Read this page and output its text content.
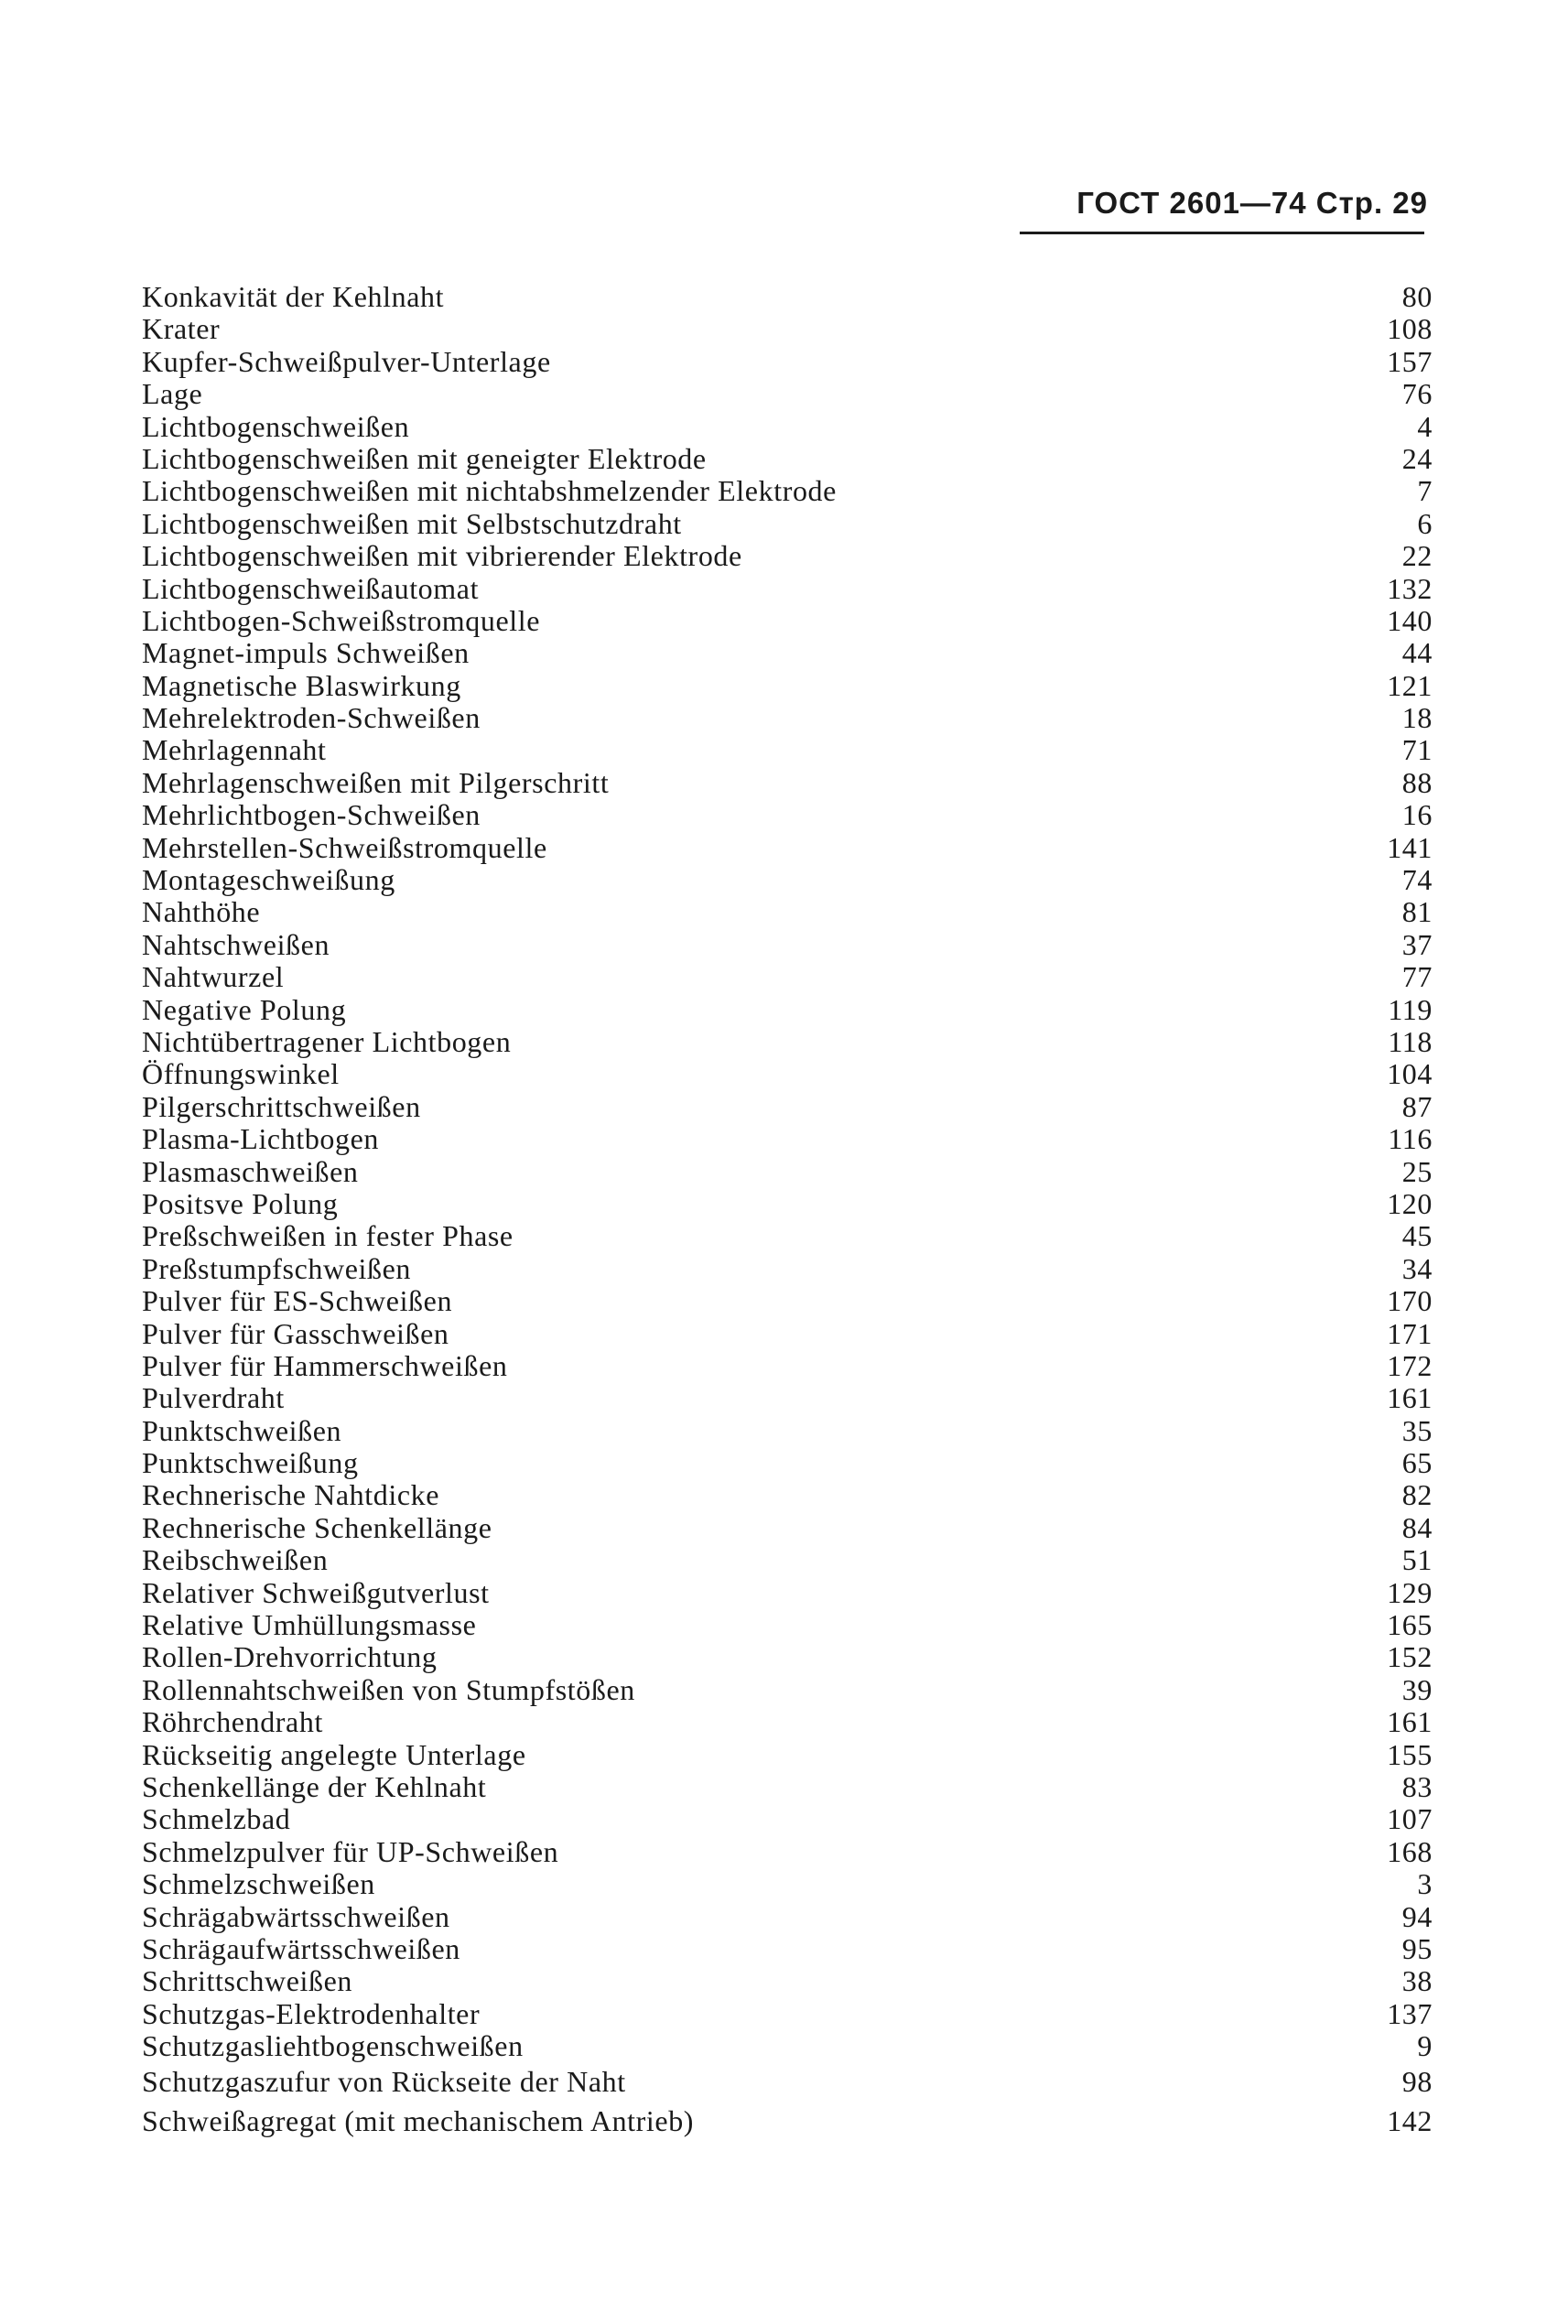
ГОСТ 2601—74 Стр. 29
Konkavität der Kehlnaht	80
Krater	108
Kupfer-Schweißpulver-Unterlage	157
Lage	76
Lichtbogenschweißen	4
Lichtbogenschweißen mit geneigter Elektrode	24
Lichtbogenschweißen mit nichtabshmelzender Elektrode	7
Lichtbogenschweißen mit Selbstschutzdraht	6
Lichtbogenschweißen mit vibrierender Elektrode	22
Lichtbogenschweißautomat	132
Lichtbogen-Schweißstromquelle	140
Magnet-impuls Schweißen	44
Magnetische Blaswirkung	121
Mehrelektroden-Schweißen	18
Mehrlagennaht	71
Mehrlagenschweißen mit Pilgerschritt	88
Mehrlichtbogen-Schweißen	16
Mehrstellen-Schweißstromquelle	141
Montageschweißung	74
Nahthöhe	81
Nahtschweißen	37
Nahtwurzel	77
Negative Polung	119
Nichtübertragener Lichtbogen	118
Öffnungswinkel	104
Pilgerschrittschweißen	87
Plasma-Lichtbogen	116
Plasmaschweißen	25
Positsve Polung	120
Preßschweißen in fester Phase	45
Preßstumpfschweißen	34
Pulver für ES-Schweißen	170
Pulver für Gasschweißen	171
Pulver für Hammerschweißen	172
Pulverdraht	161
Punktschweißen	35
Punktschweißung	65
Rechnerische Nahtdicke	82
Rechnerische Schenkellänge	84
Reibschweißen	51
Relativer Schweißgutverlust	129
Relative Umhüllungsmasse	165
Rollen-Drehvorrichtung	152
Rollennahtschweißen von Stumpfstößen	39
Röhrchendraht	161
Rückseitig angelegte Unterlage	155
Schenkellänge der Kehlnaht	83
Schmelzbad	107
Schmelzpulver für UP-Schweißen	168
Schmelzschweißen	3
Schrägabwärtsschweißen	94
Schrägaufwärtsschweißen	95
Schrittschweißen	38
Schutzgas-Elektrodenhalter	137
Schutzgasliehtbogenschweißen	9
Schutzgaszufur von Rückseite der Naht	98
Schweißagregat (mit mechanischem Antrieb)	142
